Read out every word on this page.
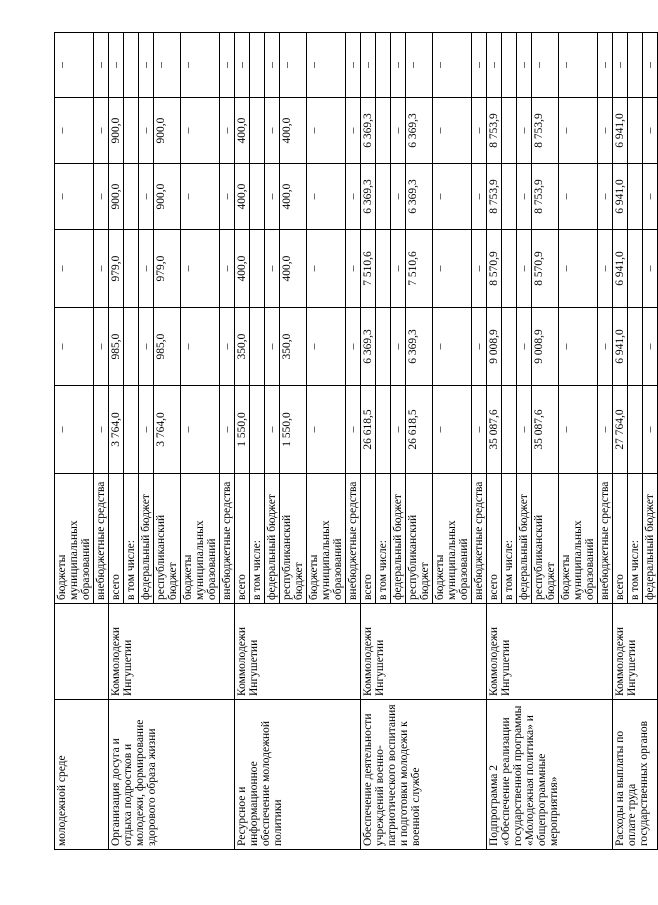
молодежной среде		бюджеты муниципальных образований	–	–	–	–	–	–
		внебюджетные средства	–	–	–	–	–	–
Организация досуга и отдыха подростков и молодежи, формирование здорового образа жизни	Коммолодежи Ингушетии	всего	3 764,0	985,0	979,0	900,0	900,0	–
		в том числе:						
		федеральный бюджет	–	–	–	–	–	–
		республиканский бюджет	3 764,0	985,0	979,0	900,0	900,0	–
		бюджеты муниципальных образований	–	–	–	–	–	–
		внебюджетные средства	–	–	–	–	–	–
Ресурсное и информационное обеспечение молодежной политики	Коммолодежи Ингушетии	всего	1 550,0	350,0	400,0	400,0	400,0	–
		в том числе:						
		федеральный бюджет	–	–	–	–	–	–
		республиканский бюджет	1 550,0	350,0	400,0	400,0	400,0	–
		бюджеты муниципальных образований	–	–	–	–	–	–
		внебюджетные средства	–	–	–	–	–	–
Обеспечение деятельности учреждений военно-патриотического воспитания и подготовки молодежи к военной службе	Коммолодежи Ингушетии	всего	26 618,5	6 369,3	7 510,6	6 369,3	6 369,3	–
		в том числе:						
		федеральный бюджет	–	–	–	–	–	–
		республиканский бюджет	26 618,5	6 369,3	7 510,6	6 369,3	6 369,3	–
		бюджеты муниципальных образований	–	–	–	–	–	–
		внебюджетные средства	–	–	–	–	–	–
Подпрограмма 2 «Обеспечение реализации государственной программы «Молодежная политика» и общепрограммные мероприятия»	Коммолодежи Ингушетии	всего	35 087,6	9 008,9	8 570,9	8 753,9	8 753,9	–
		в том числе:						
		федеральный бюджет	–	–	–	–	–	–
		республиканский бюджет	35 087,6	9 008,9	8 570,9	8 753,9	8 753,9	–
		бюджеты муниципальных образований	–	–	–	–	–	–
		внебюджетные средства	–	–	–	–	–	–
Расходы на выплаты по оплате труда государственных органов	Коммолодежи Ингушетии	всего	27 764,0	6 941,0	6 941,0	6 941,0	6 941,0	–
		в том числе:						
		федеральный бюджет	–	–	–	–	–	–
